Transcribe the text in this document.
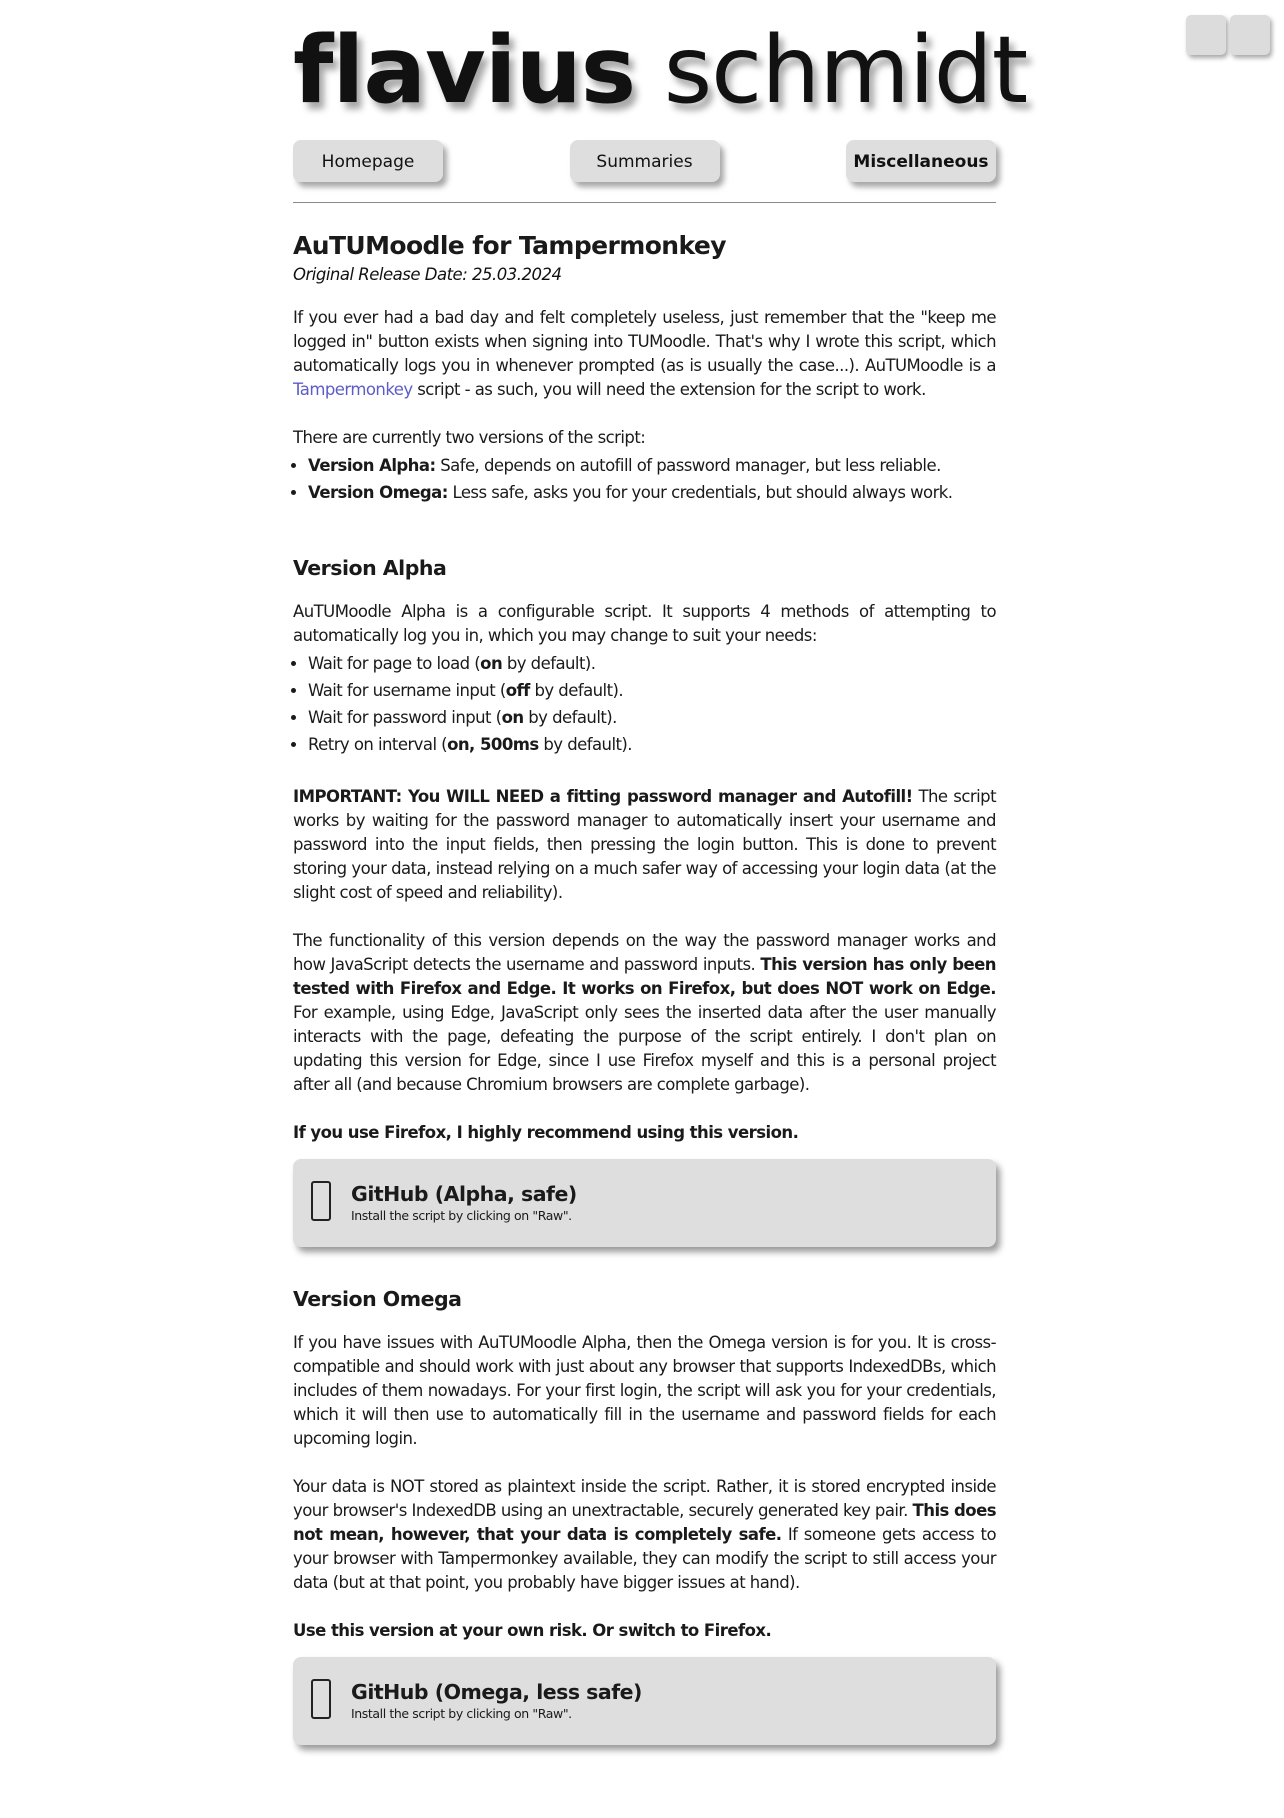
flavius schmidt
Homepage	Summaries	Miscellaneous
AuTUMoodle for Tampermonkey
Original Release Date: 25.03.2024

If you ever had a bad day and felt completely useless, just remember that the "keep me logged in" button exists when signing into TUMoodle. That's why I wrote this script, which automatically logs you in whenever prompted (as is usually the case...). AuTUMoodle is a Tampermonkey script - as such, you will need the extension for the script to work.

There are currently two versions of the script:

• Version Alpha: Safe, depends on autofill of password manager, but less reliable.
• Version Omega: Less safe, asks you for your credentials, but should always work.
Version Alpha

AuTUMoodle Alpha is a configurable script. It supports 4 methods of attempting to automatically log you in, which you may change to suit your needs:

• Wait for page to load (on by default).
• Wait for username input (off by default).
• Wait for password input (on by default).
• Retry on interval (on, 500ms by default).

IMPORTANT: You WILL NEED a fitting password manager and Autofill! The script works by waiting for the password manager to automatically insert your username and password into the input fields, then pressing the login button. This is done to prevent storing your data, instead relying on a much safer way of accessing your login data (at the slight cost of speed and reliability).

The functionality of this version depends on the way the password manager works and how JavaScript detects the username and password inputs. This version has only been tested with Firefox and Edge. It works on Firefox, but does NOT work on Edge. For example, using Edge, JavaScript only sees the inserted data after the user manually interacts with the page, defeating the purpose of the script entirely. I don't plan on updating this version for Edge, since I use Firefox myself and this is a personal project after all (and because Chromium browsers are complete garbage).

If you use Firefox, I highly recommend using this version.

GitHub (Alpha, safe)
Install the script by clicking on "Raw".
Version Omega

If you have issues with AuTUMoodle Alpha, then the Omega version is for you. It is cross-compatible and should work with just about any browser that supports IndexedDBs, which includes of them nowadays. For your first login, the script will ask you for your credentials, which it will then use to automatically fill in the username and password fields for each upcoming login.

Your data is NOT stored as plaintext inside the script. Rather, it is stored encrypted inside your browser's IndexedDB using an unextractable, securely generated key pair. This does not mean, however, that your data is completely safe. If someone gets access to your browser with Tampermonkey available, they can modify the script to still access your data (but at that point, you probably have bigger issues at hand).

Use this version at your own risk. Or switch to Firefox.

GitHub (Omega, less safe)
Install the script by clicking on "Raw".
